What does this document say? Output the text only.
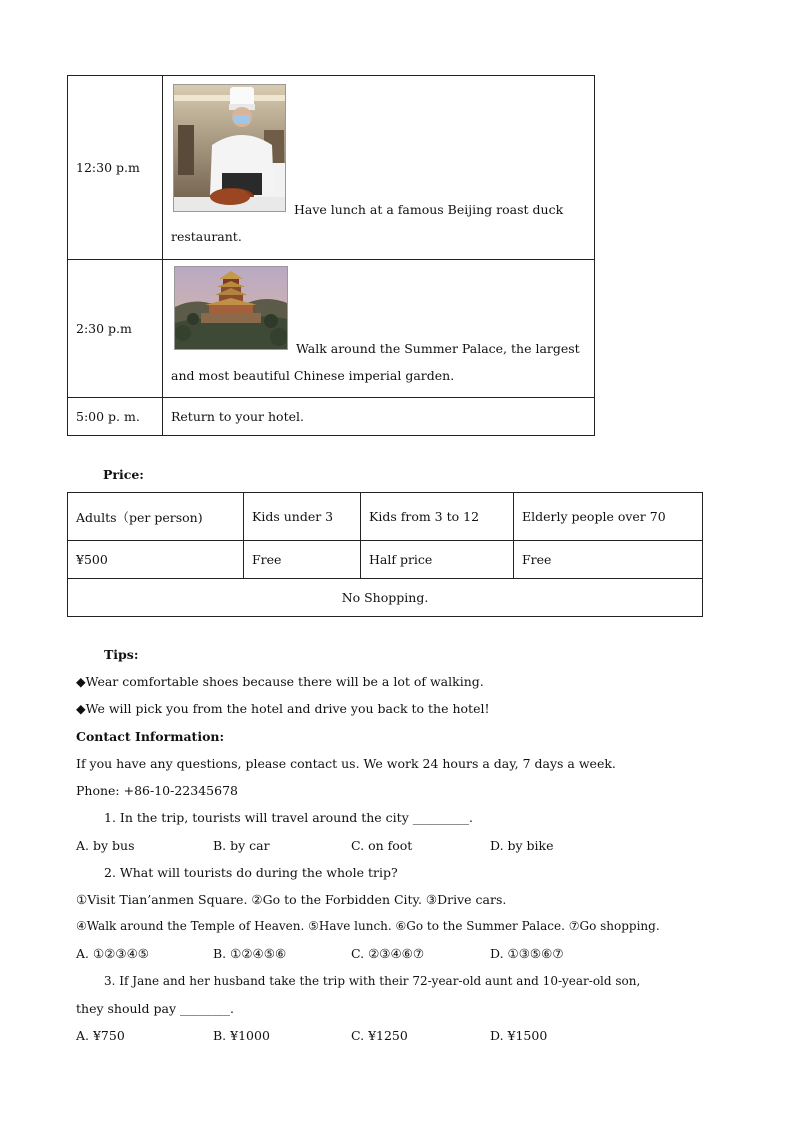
12:30 p.m	Have lunch at a famous Beijing roast duck
restaurant.

2:30 p.m	Walk around the Summer Palace, the largest
and most beautiful Chinese imperial garden.

5:00 p. m.	Return to your hotel.
Price:
Adults（per person)	Kids under 3	Kids from 3 to 12	Elderly people over 70
¥500	Free	Half price	Free
No Shopping.			
Tips:
◆Wear comfortable shoes because there will be a lot of walking.
◆We will pick you from the hotel and drive you back to the hotel!
Contact Information:
If you have any questions, please contact us. We work 24 hours a day, 7 days a week.
Phone: +86-10-22345678
1. In the trip, tourists will travel around the city _________.
A. by bus	B. by car	C. on foot	D. by bike
2. What will tourists do during the whole trip?
①Visit Tian’anmen Square. ②Go to the Forbidden City. ③Drive cars.
④Walk around the Temple of Heaven. ⑤Have lunch. ⑥Go to the Summer Palace. ⑦Go shopping.
A. ①②③④⑤	B. ①②④⑤⑥	C. ②③④⑥⑦	D. ①③⑤⑥⑦
3. If Jane and her husband take the trip with their 72-year-old aunt and 10-year-old son,
they should pay ________.
A. ¥750	B. ¥1000	C. ¥1250	D. ¥1500
